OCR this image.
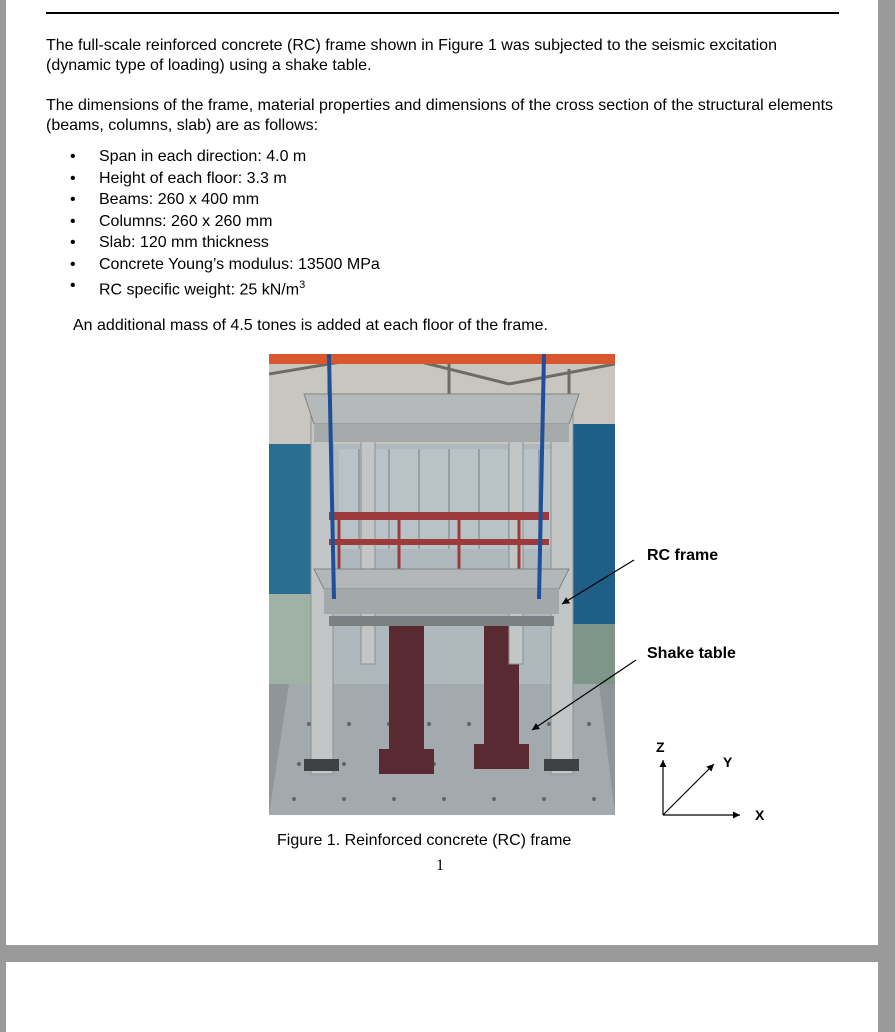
The full-scale reinforced concrete (RC) frame shown in Figure 1 was subjected to the seismic excitation (dynamic type of loading) using a shake table.

The dimensions of the frame, material properties and dimensions of the cross section of the structural elements (beams, columns, slab) are as follows:

• Span in each direction: 4.0 m
• Height of each floor: 3.3 m
• Beams: 260 x 400 mm
• Columns: 260 x 260 mm
• Slab: 120 mm thickness
• Concrete Young’s modulus: 13500 MPa
• RC specific weight: 25 $kN/m^3$

An additional mass of 4.5 tones is added at each floor of the frame.

RC frame
Shake table
Z
Y
X
Figure 1. Reinforced concrete (RC) frame
1
